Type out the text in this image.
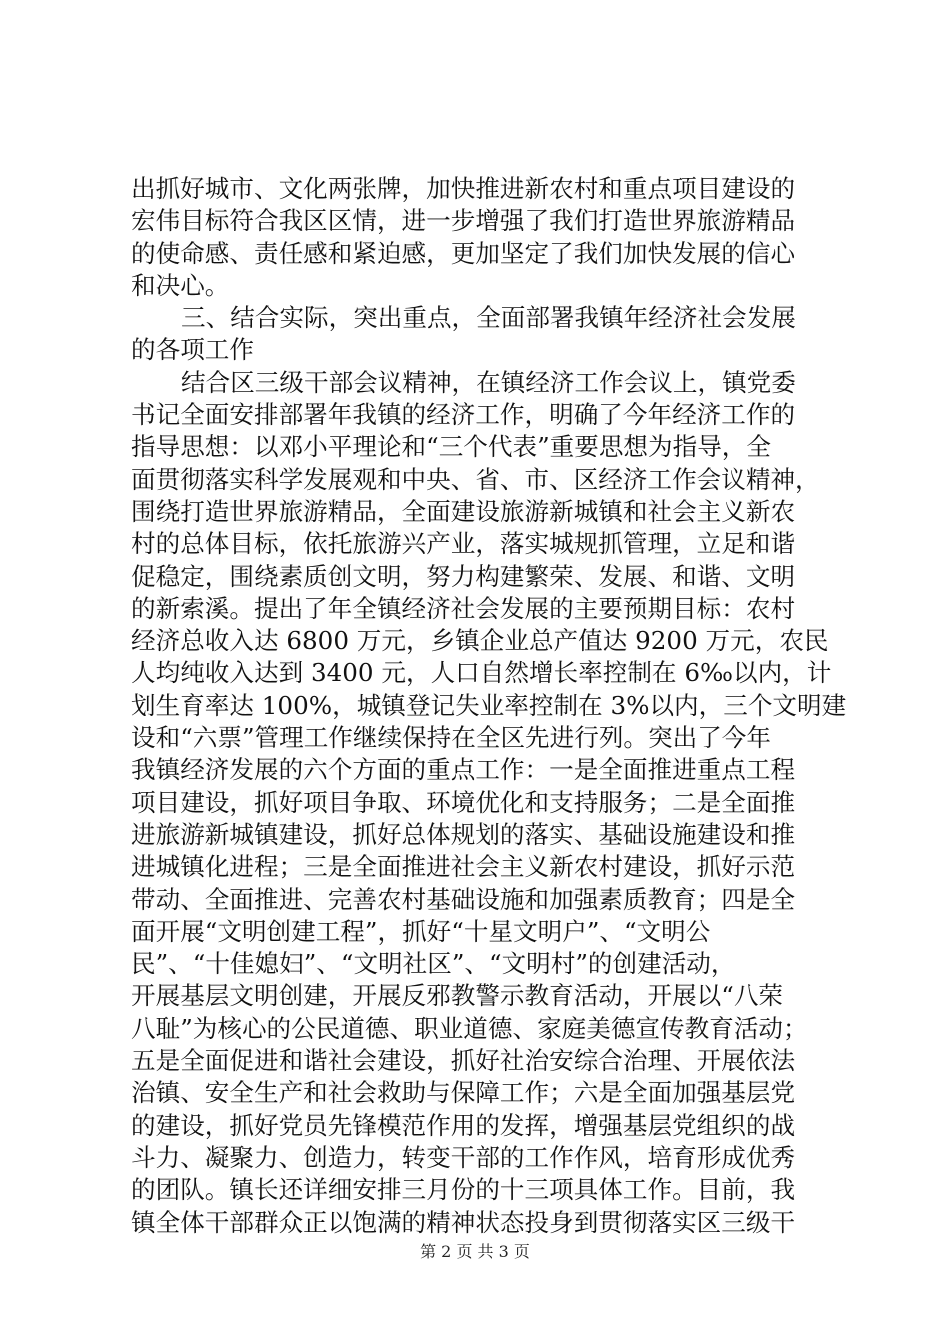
出抓好城市、文化两张牌，加快推进新农村和重点项目建设的
宏伟目标符合我区区情，进一步增强了我们打造世界旅游精品
的使命感、责任感和紧迫感，更加坚定了我们加快发展的信心
和决心。
三、结合实际，突出重点，全面部署我镇年经济社会发展
的各项工作
结合区三级干部会议精神，在镇经济工作会议上，镇党委
书记全面安排部署年我镇的经济工作，明确了今年经济工作的
指导思想：以邓小平理论和“三个代表”重要思想为指导，全
面贯彻落实科学发展观和中央、省、市、区经济工作会议精神，
围绕打造世界旅游精品，全面建设旅游新城镇和社会主义新农
村的总体目标，依托旅游兴产业，落实城规抓管理，立足和谐
促稳定，围绕素质创文明，努力构建繁荣、发展、和谐、文明
的新索溪。提出了年全镇经济社会发展的主要预期目标：农村
经济总收入达 6800 万元，乡镇企业总产值达 9200 万元，农民
人均纯收入达到 3400 元，人口自然增长率控制在 6‰以内，计
划生育率达 100%，城镇登记失业率控制在 3%以内，三个文明建
设和“六票”管理工作继续保持在全区先进行列。突出了今年
我镇经济发展的六个方面的重点工作：一是全面推进重点工程
项目建设，抓好项目争取、环境优化和支持服务；二是全面推
进旅游新城镇建设，抓好总体规划的落实、基础设施建设和推
进城镇化进程；三是全面推进社会主义新农村建设，抓好示范
带动、全面推进、完善农村基础设施和加强素质教育；四是全
面开展“文明创建工程”，抓好“十星文明户”、“文明公
民”、“十佳媳妇”、“文明社区”、“文明村”的创建活动，
开展基层文明创建，开展反邪教警示教育活动，开展以“八荣
八耻”为核心的公民道德、职业道德、家庭美德宣传教育活动；
五是全面促进和谐社会建设，抓好社治安综合治理、开展依法
治镇、安全生产和社会救助与保障工作；六是全面加强基层党
的建设，抓好党员先锋模范作用的发挥，增强基层党组织的战
斗力、凝聚力、创造力，转变干部的工作作风，培育形成优秀
的团队。镇长还详细安排三月份的十三项具体工作。目前，我
镇全体干部群众正以饱满的精神状态投身到贯彻落实区三级干
第 2 页 共 3 页
